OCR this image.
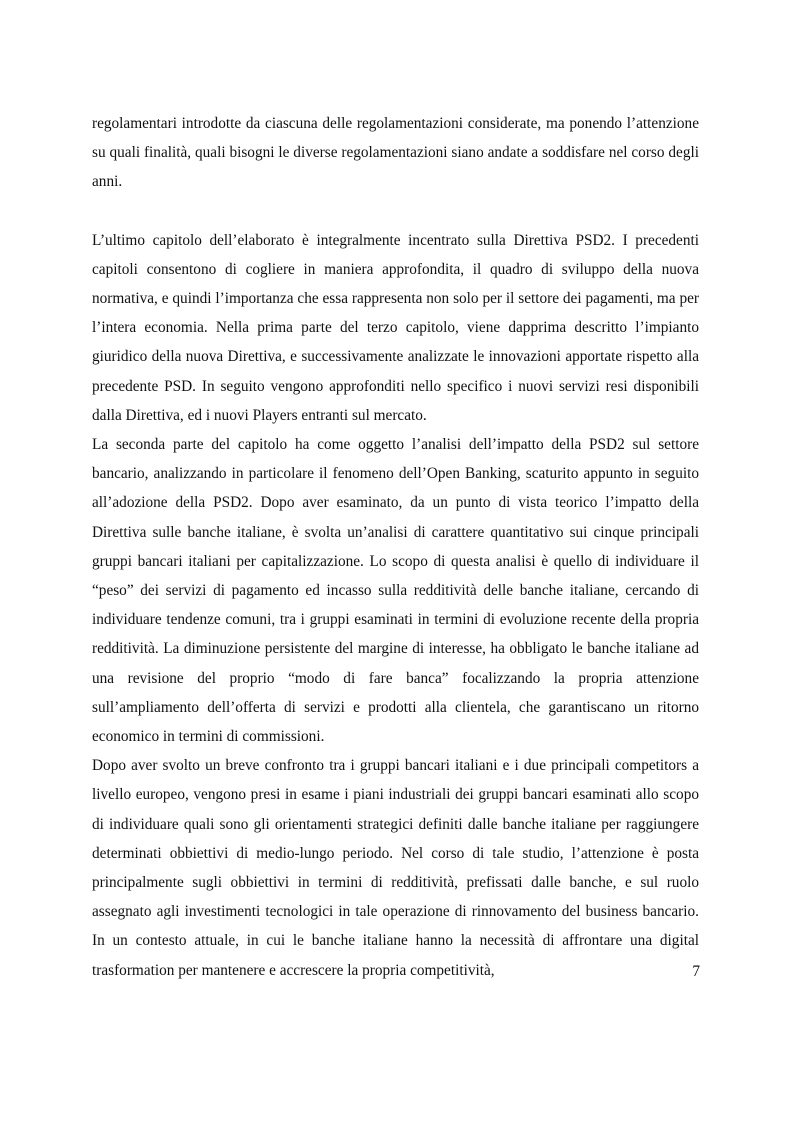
regolamentari introdotte da ciascuna delle regolamentazioni considerate, ma ponendo l’attenzione su quali finalità, quali bisogni le diverse regolamentazioni siano andate a soddisfare nel corso degli anni.

L’ultimo capitolo dell’elaborato è integralmente incentrato sulla Direttiva PSD2. I precedenti capitoli consentono di cogliere in maniera approfondita, il quadro di sviluppo della nuova normativa, e quindi l’importanza che essa rappresenta non solo per il settore dei pagamenti, ma per l’intera economia. Nella prima parte del terzo capitolo, viene dapprima descritto l’impianto giuridico della nuova Direttiva, e successivamente analizzate le innovazioni apportate rispetto alla precedente PSD. In seguito vengono approfonditi nello specifico i nuovi servizi resi disponibili dalla Direttiva, ed i nuovi Players entranti sul mercato.

La seconda parte del capitolo ha come oggetto l’analisi dell’impatto della PSD2 sul settore bancario, analizzando in particolare il fenomeno dell’Open Banking, scaturito appunto in seguito all’adozione della PSD2. Dopo aver esaminato, da un punto di vista teorico l’impatto della Direttiva sulle banche italiane, è svolta un’analisi di carattere quantitativo sui cinque principali gruppi bancari italiani per capitalizzazione. Lo scopo di questa analisi è quello di individuare il “peso” dei servizi di pagamento ed incasso sulla redditività delle banche italiane, cercando di individuare tendenze comuni, tra i gruppi esaminati in termini di evoluzione recente della propria redditività. La diminuzione persistente del margine di interesse, ha obbligato le banche italiane ad una revisione del proprio “modo di fare banca” focalizzando la propria attenzione sull’ampliamento dell’offerta di servizi e prodotti alla clientela, che garantiscano un ritorno economico in termini di commissioni.

Dopo aver svolto un breve confronto tra i gruppi bancari italiani e i due principali competitors a livello europeo, vengono presi in esame i piani industriali dei gruppi bancari esaminati allo scopo di individuare quali sono gli orientamenti strategici definiti dalle banche italiane per raggiungere determinati obbiettivi di medio-lungo periodo. Nel corso di tale studio, l’attenzione è posta principalmente sugli obbiettivi in termini di redditività, prefissati dalle banche, e sul ruolo assegnato agli investimenti tecnologici in tale operazione di rinnovamento del business bancario. In un contesto attuale, in cui le banche italiane hanno la necessità di affrontare una digital trasformation per mantenere e accrescere la propria competitività,	7
